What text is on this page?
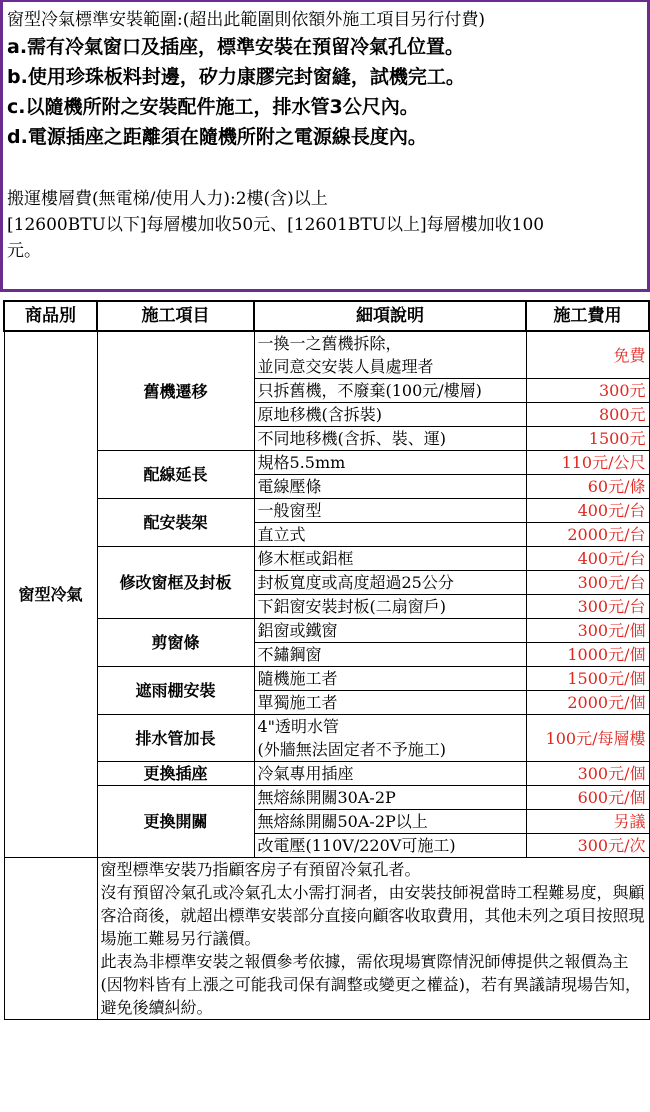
窗型冷氣標準安裝範圍:(超出此範圍則依額外施工項目另行付費)
a.需有冷氣窗口及插座，標準安裝在預留冷氣孔位置。
b.使用珍珠板料封邊，矽力康膠完封窗縫，試機完工。
c.以隨機所附之安裝配件施工，排水管3公尺內。
d.電源插座之距離須在隨機所附之電源線長度內。
搬運樓層費(無電梯/使用人力):2樓(含)以上
[12600BTU以下]每層樓加收50元、[12601BTU以上]每層樓加收100
元。
商品別	施工項目	細項說明	施工費用
窗型冷氣	舊機遷移	一換一之舊機拆除，
並同意交安裝人員處理者	免費

		只拆舊機，不廢棄(100元/樓層)	300元

		原地移機(含拆裝)	800元

		不同地移機(含拆、裝、運)	1500元
	配線延長	規格5.5mm	110元/公尺

		電線壓條	60元/條
	配安裝架	一般窗型	400元/台

		直立式	2000元/台
	修改窗框及封板	修木框或鋁框	400元/台

		封板寬度或高度超過25公分	300元/台

		下鋁窗安裝封板(二扇窗戶)	300元/台
	剪窗條	鋁窗或鐵窗	300元/個

		不鏽鋼窗	1000元/個
	遮雨棚安裝	隨機施工者	1500元/個

		單獨施工者	2000元/個
	排水管加長	4"透明水管
(外牆無法固定者不予施工)	100元/每層樓
	更換插座	冷氣專用插座	300元/個
	更換開關	無熔絲開關30A-2P	600元/個

		無熔絲開關50A-2P以上	另議

		改電壓(110V/220V可施工)	300元/次

	窗型標準安裝乃指顧客房子有預留冷氣孔者。
沒有預留冷氣孔或冷氣孔太小需打洞者，由安裝技師視當時工程難易度，與顧客洽商後，就超出標準安裝部分直接向顧客收取費用，其他未列之項目按照現場施工難易另行議價。
此表為非標準安裝之報價參考依據，需依現場實際情況師傅提供之報價為主(因物料皆有上漲之可能我司保有調整或變更之權益)，若有異議請現場告知，避免後續糾紛。		
